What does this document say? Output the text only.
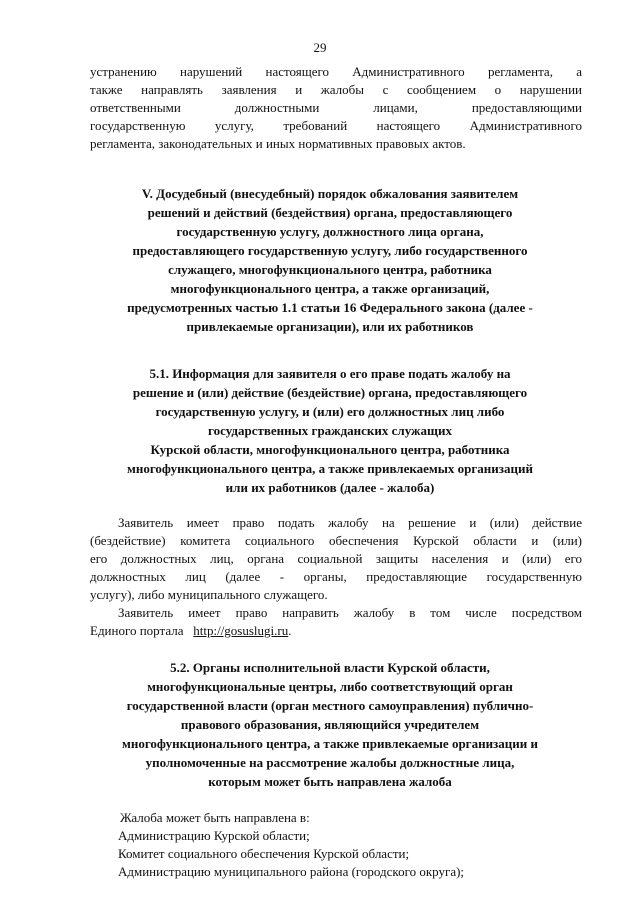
29
устранению нарушений настоящего Административного регламента, а
также направлять заявления и жалобы с сообщением о нарушении
ответственными должностными лицами, предоставляющими
государственную услугу, требований настоящего Административного
регламента, законодательных и иных нормативных правовых актов.
V. Досудебный (внесудебный) порядок обжалования заявителем
решений и действий (бездействия) органа, предоставляющего
государственную услугу, должностного лица органа,
предоставляющего государственную услугу, либо государственного
служащего, многофункционального центра, работника
многофункционального центра, а также организаций,
предусмотренных частью 1.1 статьи 16 Федерального закона (далее -
привлекаемые организации), или их работников
5.1. Информация для заявителя о его праве подать жалобу на
решение и (или) действие (бездействие) органа, предоставляющего
государственную услугу, и (или) его должностных лиц либо
государственных гражданских служащих
Курской области, многофункционального центра, работника
многофункционального центра, а также привлекаемых организаций
или их работников (далее - жалоба)
Заявитель имеет право подать жалобу на решение и (или) действие
(бездействие) комитета социального обеспечения Курской области и (или)
его должностных лиц, органа социальной защиты населения и (или) его
должностных лиц (далее - органы, предоставляющие государственную
услугу), либо муниципального служащего.
Заявитель имеет право направить жалобу в том числе посредством
Единого портала http://gosuslugi.ru.
5.2. Органы исполнительной власти Курской области,
многофункциональные центры, либо соответствующий орган
государственной власти (орган местного самоуправления) публично-
правового образования, являющийся учредителем
многофункционального центра, а также привлекаемые организации и
уполномоченные на рассмотрение жалобы должностные лица,
которым может быть направлена жалоба
Жалоба может быть направлена в:
Администрацию Курской области;
Комитет социального обеспечения Курской области;
Администрацию муниципального района (городского округа);
